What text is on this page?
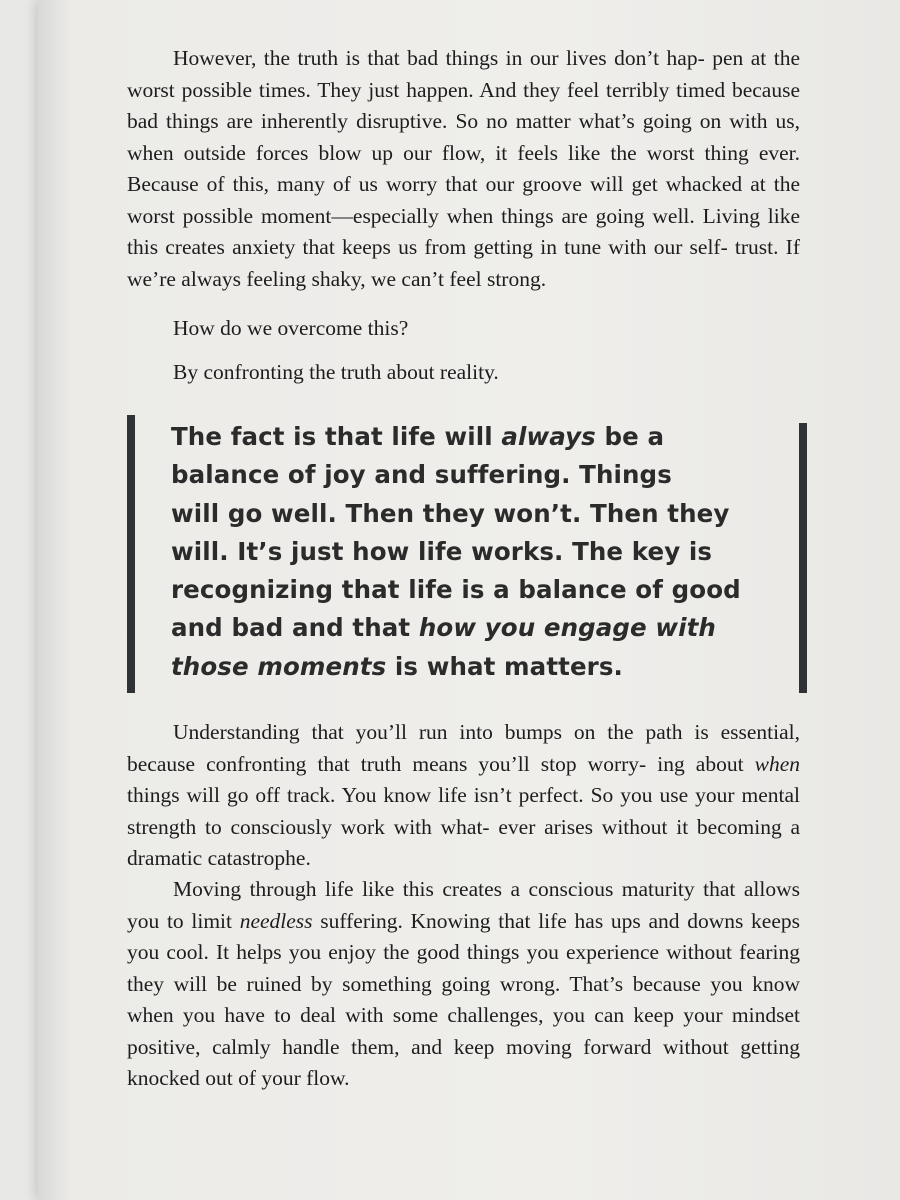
However, the truth is that bad things in our lives don’t hap- pen at the worst possible times. They just happen. And they feel terribly timed because bad things are inherently disruptive. So no matter what’s going on with us, when outside forces blow up our flow, it feels like the worst thing ever. Because of this, many of us worry that our groove will get whacked at the worst possible moment—especially when things are going well. Living like this creates anxiety that keeps us from getting in tune with our self- trust. If we’re always feeling shaky, we can’t feel strong.

How do we overcome this?
By confronting the truth about reality.
The fact is that life will always be a
balance of joy and suffering. Things
will go well. Then they won’t. Then they
will. It’s just how life works. The key is
recognizing that life is a balance of good
and bad and that how you engage with
those moments is what matters.

Understanding that you’ll run into bumps on the path is essential, because confronting that truth means you’ll stop worry- ing about when things will go off track. You know life isn’t perfect. So you use your mental strength to consciously work with what- ever arises without it becoming a dramatic catastrophe.

Moving through life like this creates a conscious maturity that allows you to limit needless suffering. Knowing that life has ups and downs keeps you cool. It helps you enjoy the good things you experience without fearing they will be ruined by something going wrong. That’s because you know when you have to deal with some challenges, you can keep your mindset positive, calmly handle them, and keep moving forward without getting knocked out of your flow.
